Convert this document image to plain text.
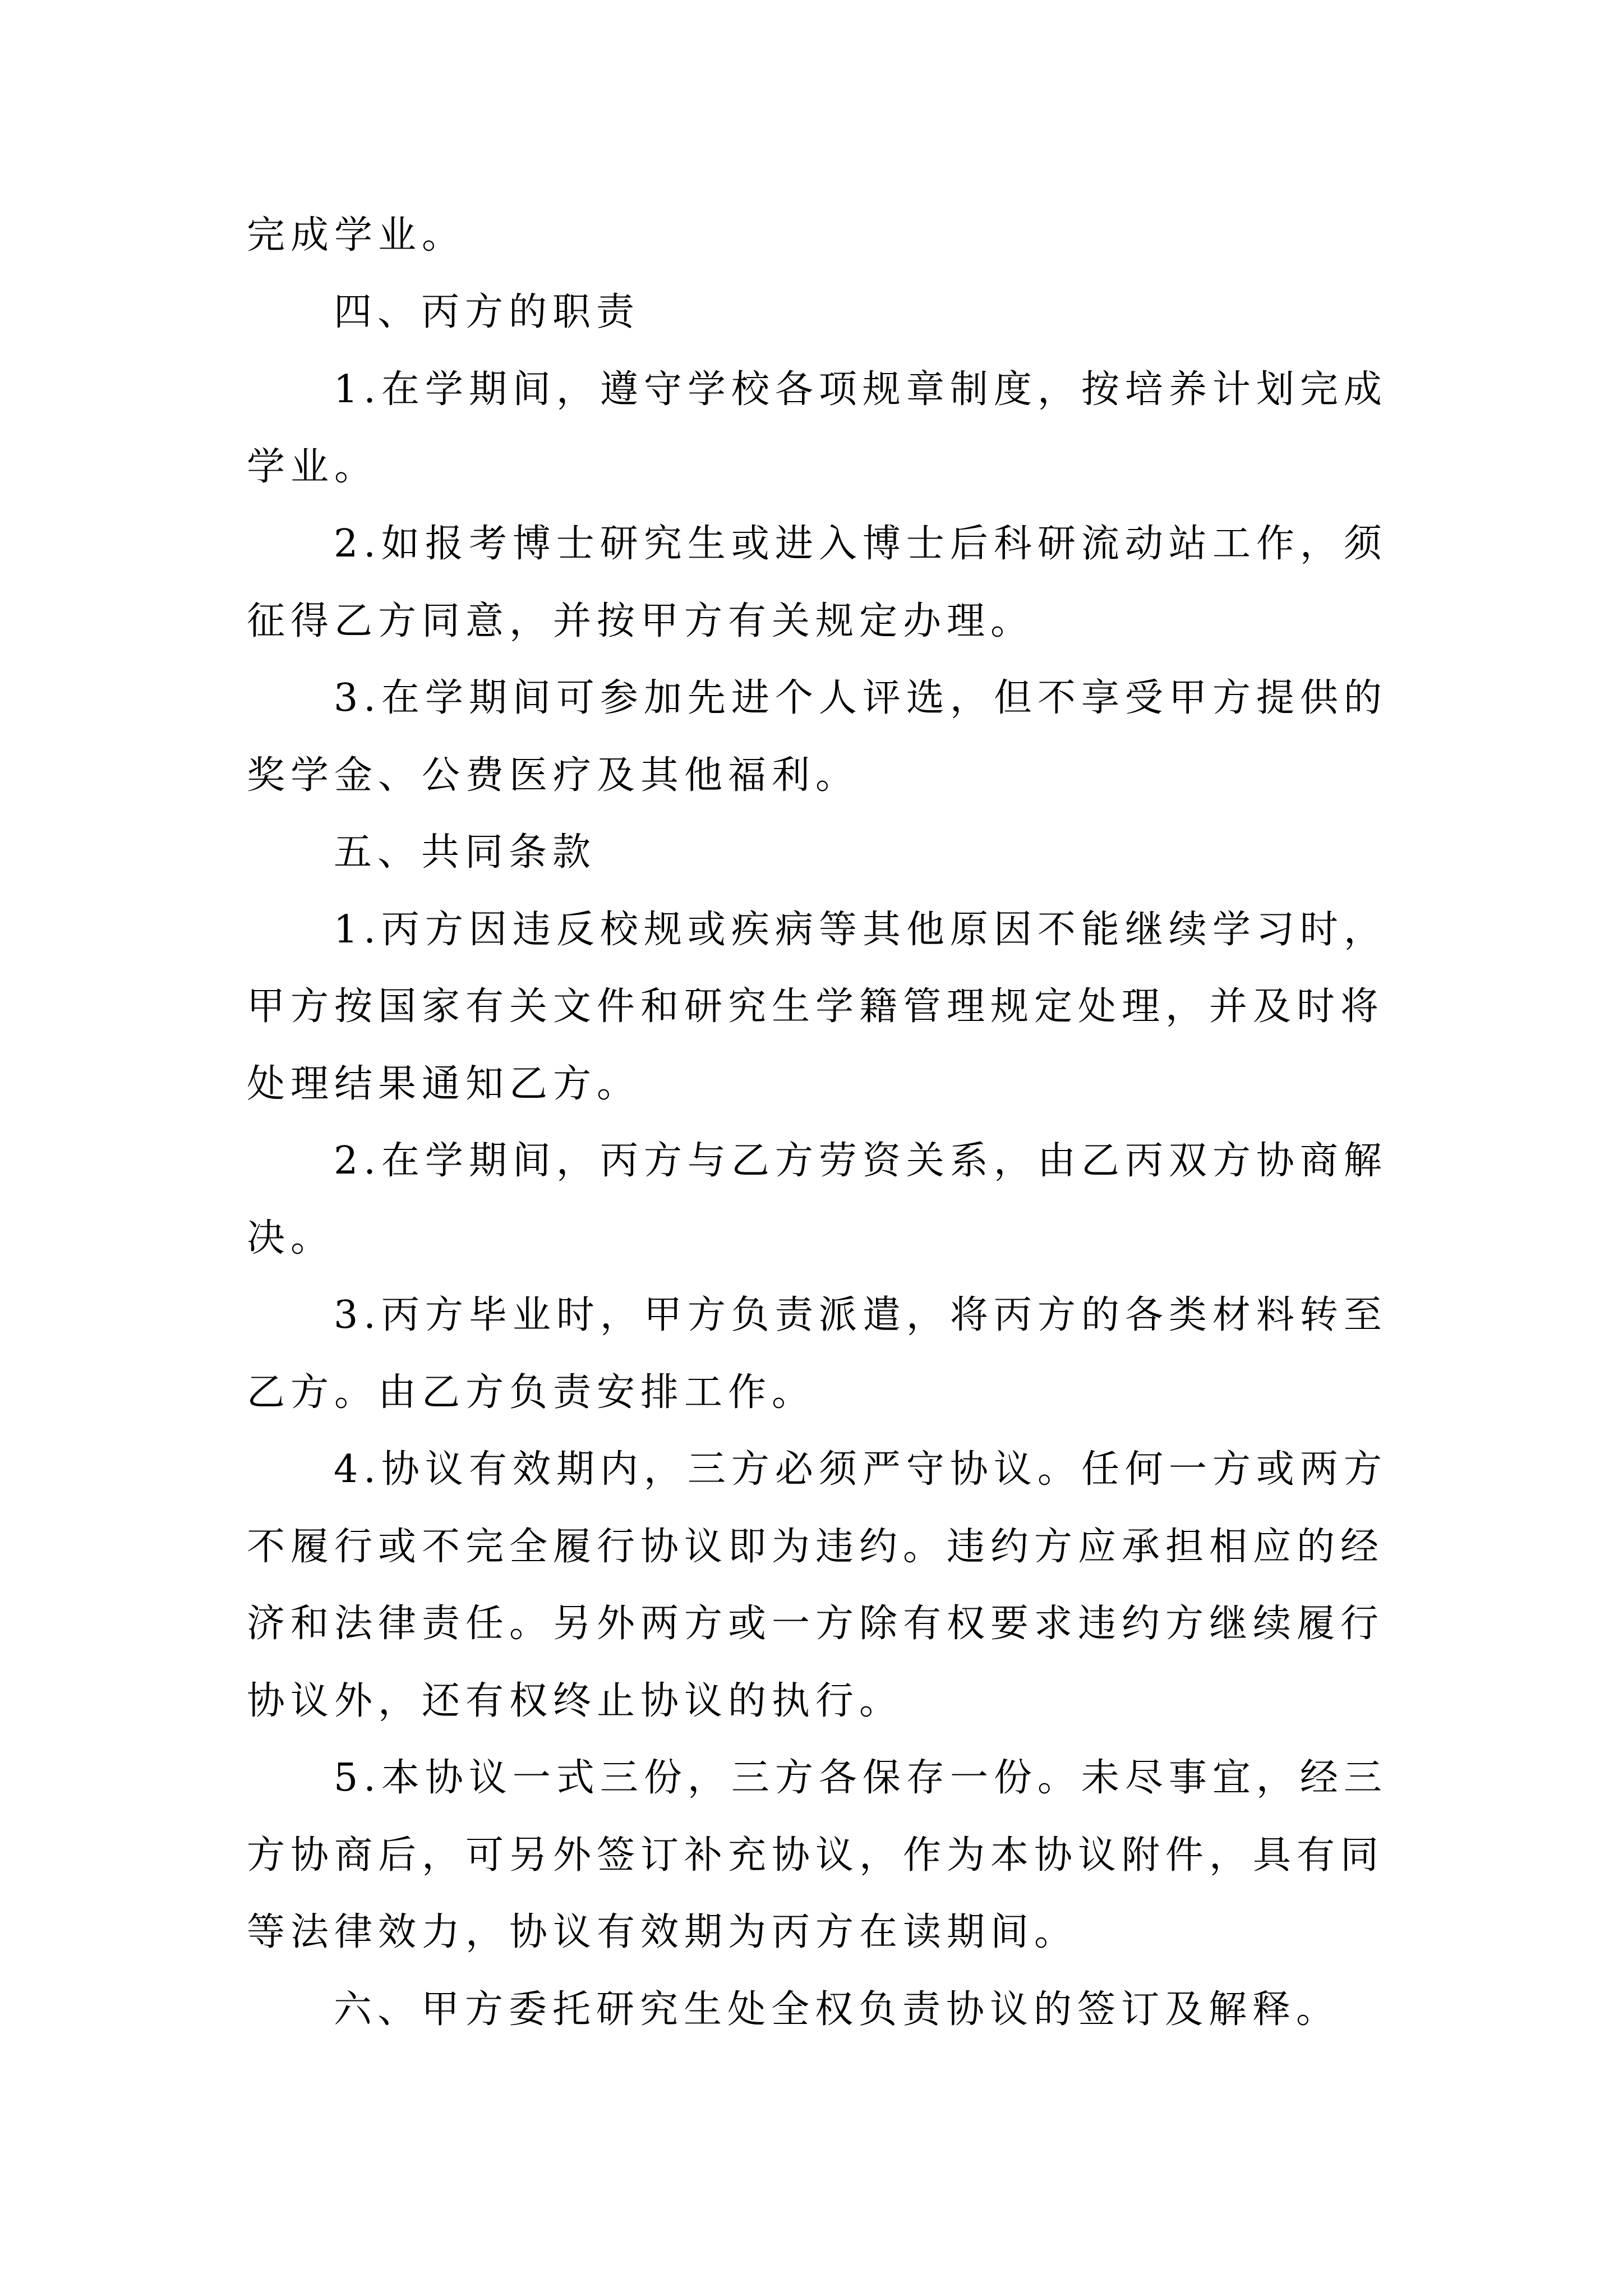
完成学业。
四、丙方的职责
1.在学期间，遵守学校各项规章制度，按培养计划完成
学业。
2.如报考博士研究生或进入博士后科研流动站工作，须
征得乙方同意，并按甲方有关规定办理。
3.在学期间可参加先进个人评选，但不享受甲方提供的
奖学金、公费医疗及其他福利。
五、共同条款
1.丙方因违反校规或疾病等其他原因不能继续学习时，
甲方按国家有关文件和研究生学籍管理规定处理，并及时将
处理结果通知乙方。
2.在学期间，丙方与乙方劳资关系，由乙丙双方协商解
决。
3.丙方毕业时，甲方负责派遣，将丙方的各类材料转至
乙方。由乙方负责安排工作。
4.协议有效期内，三方必须严守协议。任何一方或两方
不履行或不完全履行协议即为违约。违约方应承担相应的经
济和法律责任。另外两方或一方除有权要求违约方继续履行
协议外，还有权终止协议的执行。
5.本协议一式三份，三方各保存一份。未尽事宜，经三
方协商后，可另外签订补充协议，作为本协议附件，具有同
等法律效力，协议有效期为丙方在读期间。
六、甲方委托研究生处全权负责协议的签订及解释。
